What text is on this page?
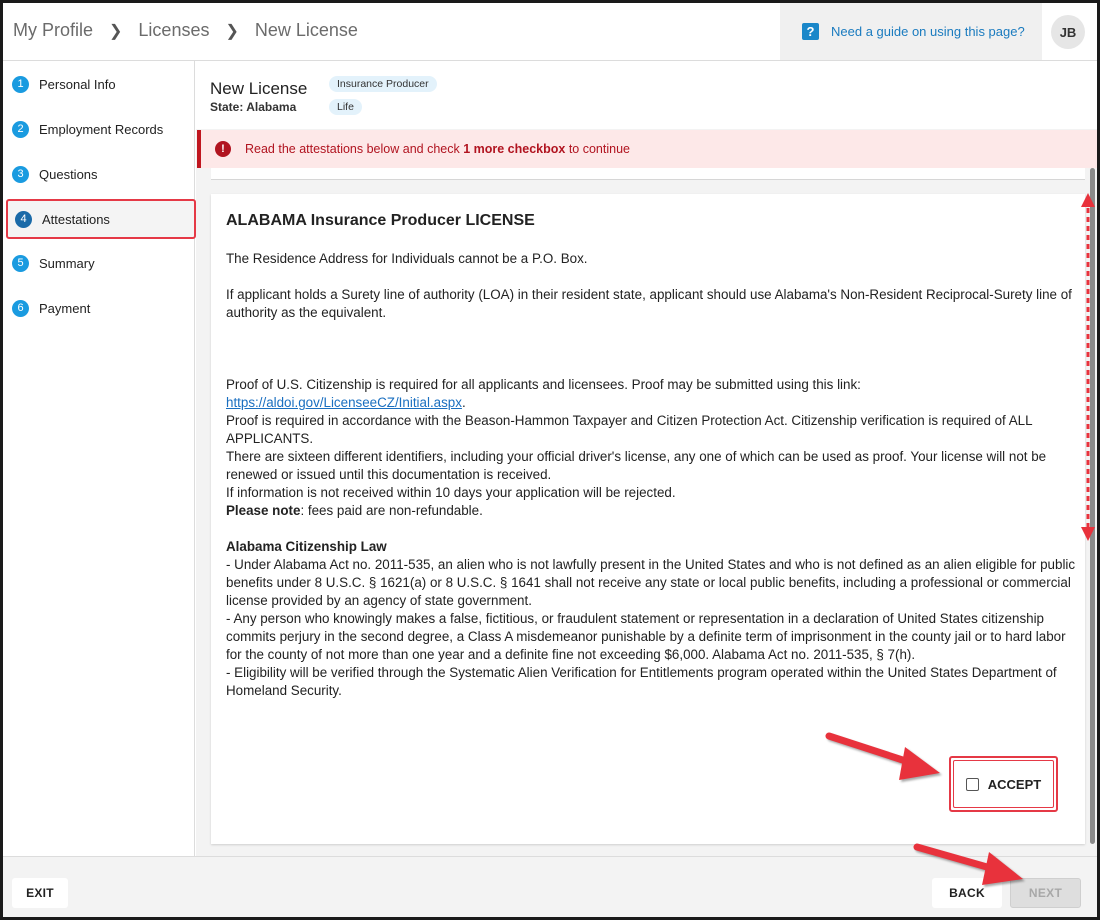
My Profile ❯ Licenses ❯ New License	?	Need a guide on using this page?	JB
1	Personal Info
2	Employment Records
3	Questions
4	Attestations
5	Summary
6	Payment
New License
State: Alabama
Insurance Producer
Life
!	Read the attestations below and check 1 more checkbox to continue
ALABAMA Insurance Producer LICENSE

The Residence Address for Individuals cannot be a P.O. Box.

If applicant holds a Surety line of authority (LOA) in their resident state, applicant should use Alabama's Non-Resident Reciprocal-Surety line of authority as the equivalent.

Proof of U.S. Citizenship is required for all applicants and licensees. Proof may be submitted using this link: https://aldoi.gov/LicenseeCZ/Initial.aspx.

Proof is required in accordance with the Beason-Hammon Taxpayer and Citizen Protection Act. Citizenship verification is required of ALL APPLICANTS.

There are sixteen different identifiers, including your official driver's license, any one of which can be used as proof. Your license will not be renewed or issued until this documentation is received.

If information is not received within 10 days your application will be rejected.

Please note: fees paid are non-refundable.

Alabama Citizenship Law

- Under Alabama Act no. 2011-535, an alien who is not lawfully present in the United States and who is not defined as an alien eligible for public benefits under 8 U.S.C. § 1621(a) or 8 U.S.C. § 1641 shall not receive any state or local public benefits, including a professional or commercial license provided by an agency of state government.

- Any person who knowingly makes a false, fictitious, or fraudulent statement or representation in a declaration of United States citizenship commits perjury in the second degree, a Class A misdemeanor punishable by a definite term of imprisonment in the county jail or to hard labor for the county of not more than one year and a definite fine not exceeding $6,000. Alabama Act no. 2011-535, § 7(h).

- Eligibility will be verified through the Systematic Alien Verification for Entitlements program operated within the United States Department of Homeland Security.

ACCEPT
EXIT	BACK	NEXT
